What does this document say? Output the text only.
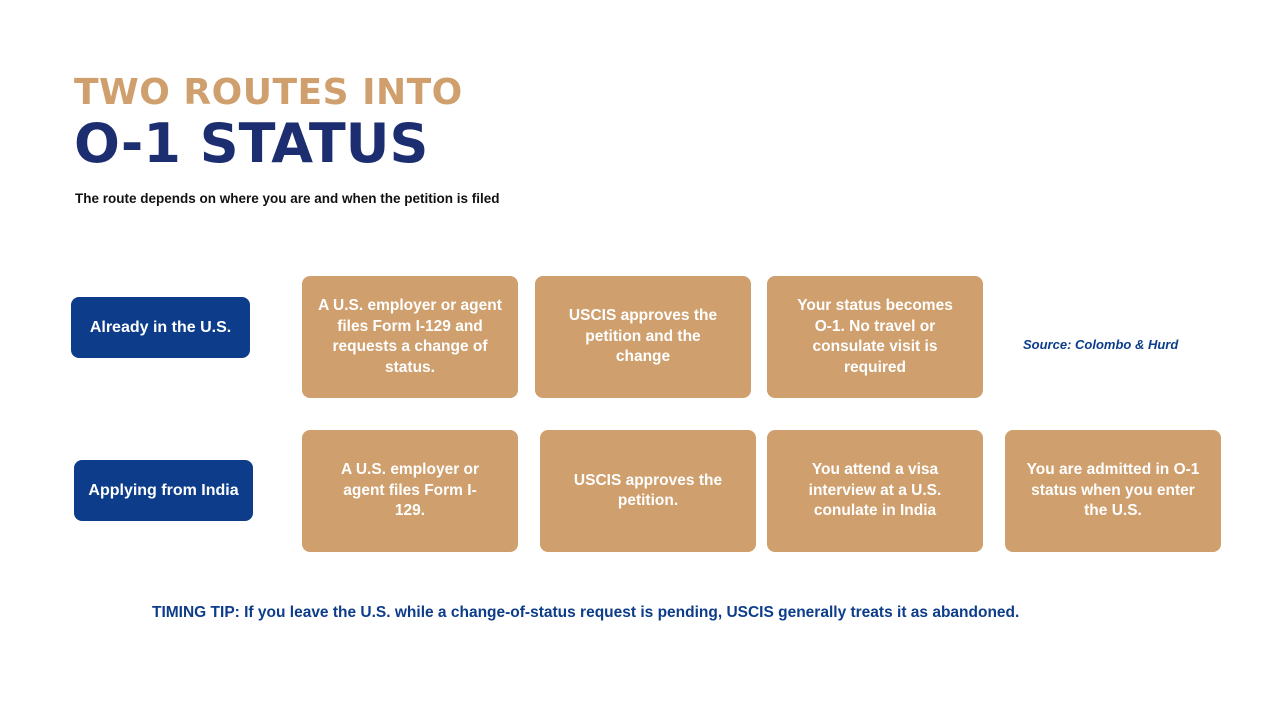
TWO ROUTES INTO
O-1 STATUS
The route depends on where you are and when the petition is filed
Already in the U.S.
A U.S. employer or agent files Form I-129 and requests a change of status.
USCIS approves the petition and the change
Your status becomes O-1. No travel or consulate visit is required
Source: Colombo & Hurd
Applying from India
A U.S. employer or agent files Form I-129.
USCIS approves the petition.
You attend a visa interview at a U.S. conulate in India
You are admitted in O-1 status when you enter the U.S.
TIMING TIP: If you leave the U.S. while a change-of-status request is pending, USCIS generally treats it as abandoned.
